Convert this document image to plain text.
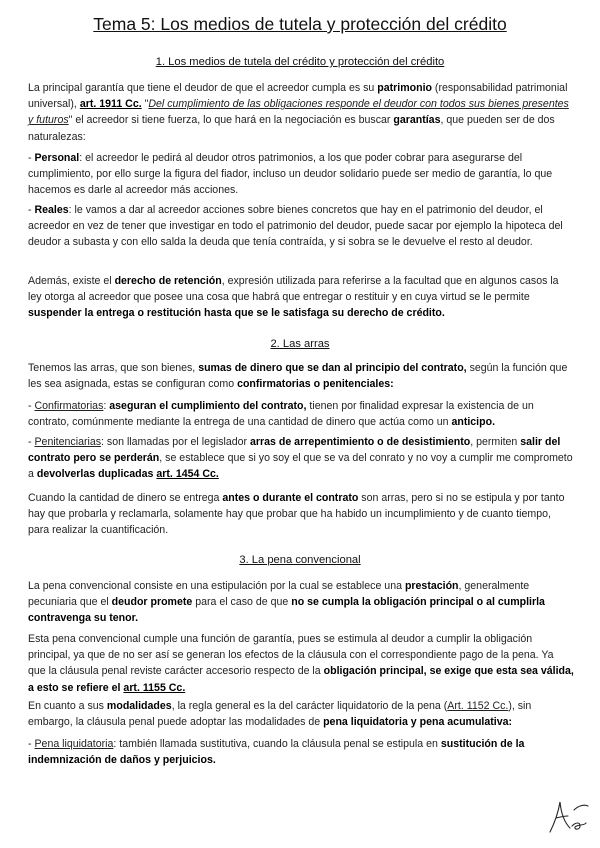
Tema 5: Los medios de tutela y protección del crédito
1. Los medios de tutela del crédito y protección del crédito

La principal garantía que tiene el deudor de que el acreedor cumpla es su patrimonio (responsabilidad patrimonial universal), art. 1911 Cc. "Del cumplimiento de las obligaciones responde el deudor con todos sus bienes presentes y futuros" el acreedor si tiene fuerza, lo que hará en la negociación es buscar garantías, que pueden ser de dos naturalezas:

- Personal: el acreedor le pedirá al deudor otros patrimonios, a los que poder cobrar para asegurarse del cumplimiento, por ello surge la figura del fiador, incluso un deudor solidario puede ser medio de garantía, lo que hacemos es darle al acreedor más acciones.

- Reales: le vamos a dar al acreedor acciones sobre bienes concretos que hay en el patrimonio del deudor, el acreedor en vez de tener que investigar en todo el patrimonio del deudor, puede sacar por ejemplo la hipoteca del deudor a subasta y con ello salda la deuda que tenía contraída, y si sobra se le devuelve el resto al deudor.

Además, existe el derecho de retención, expresión utilizada para referirse a la facultad que en algunos casos la ley otorga al acreedor que posee una cosa que habrá que entregar o restituir y en cuya virtud se le permite suspender la entrega o restitución hasta que se le satisfaga su derecho de crédito.

2. Las arras

Tenemos las arras, que son bienes, sumas de dinero que se dan al principio del contrato, según la función que les sea asignada, estas se configuran como confirmatorias o penitenciales:

- Confirmatorias: aseguran el cumplimiento del contrato, tienen por finalidad expresar la existencia de un contrato, comúnmente mediante la entrega de una cantidad de dinero que actúa como un anticipo.

- Penitenciarias: son llamadas por el legislador arras de arrepentimiento o de desistimiento, permiten salir del contrato pero se perderán, se establece que si yo soy el que se va del conrato y no voy a cumplir me comprometo a devolverlas duplicadas art. 1454 Cc.

Cuando la cantidad de dinero se entrega antes o durante el contrato son arras, pero si no se estipula y por tanto hay que probarla y reclamarla, solamente hay que probar que ha habido un incumplimiento y de cuanto tiempo, para realizar la cuantificación.

3. La pena convencional

La pena convencional consiste en una estipulación por la cual se establece una prestación, generalmente pecuniaria que el deudor promete para el caso de que no se cumpla la obligación principal o al cumplirla contravenga su tenor.

Esta pena convencional cumple una función de garantía, pues se estimula al deudor a cumplir la obligación principal, ya que de no ser así se generan los efectos de la cláusula con el correspondiente pago de la pena. Ya que la cláusula penal reviste carácter accesorio respecto de la obligación principal, se exige que esta sea válida, a esto se refiere el art. 1155 Cc.

En cuanto a sus modalidades, la regla general es la del carácter liquidatorio de la pena (Art. 1152 Cc.), sin embargo, la cláusula penal puede adoptar las modalidades de pena liquidatoria y pena acumulativa:

- Pena liquidatoria: también llamada sustitutiva, cuando la cláusula penal se estipula en sustitución de la indemnización de daños y perjuicios.
